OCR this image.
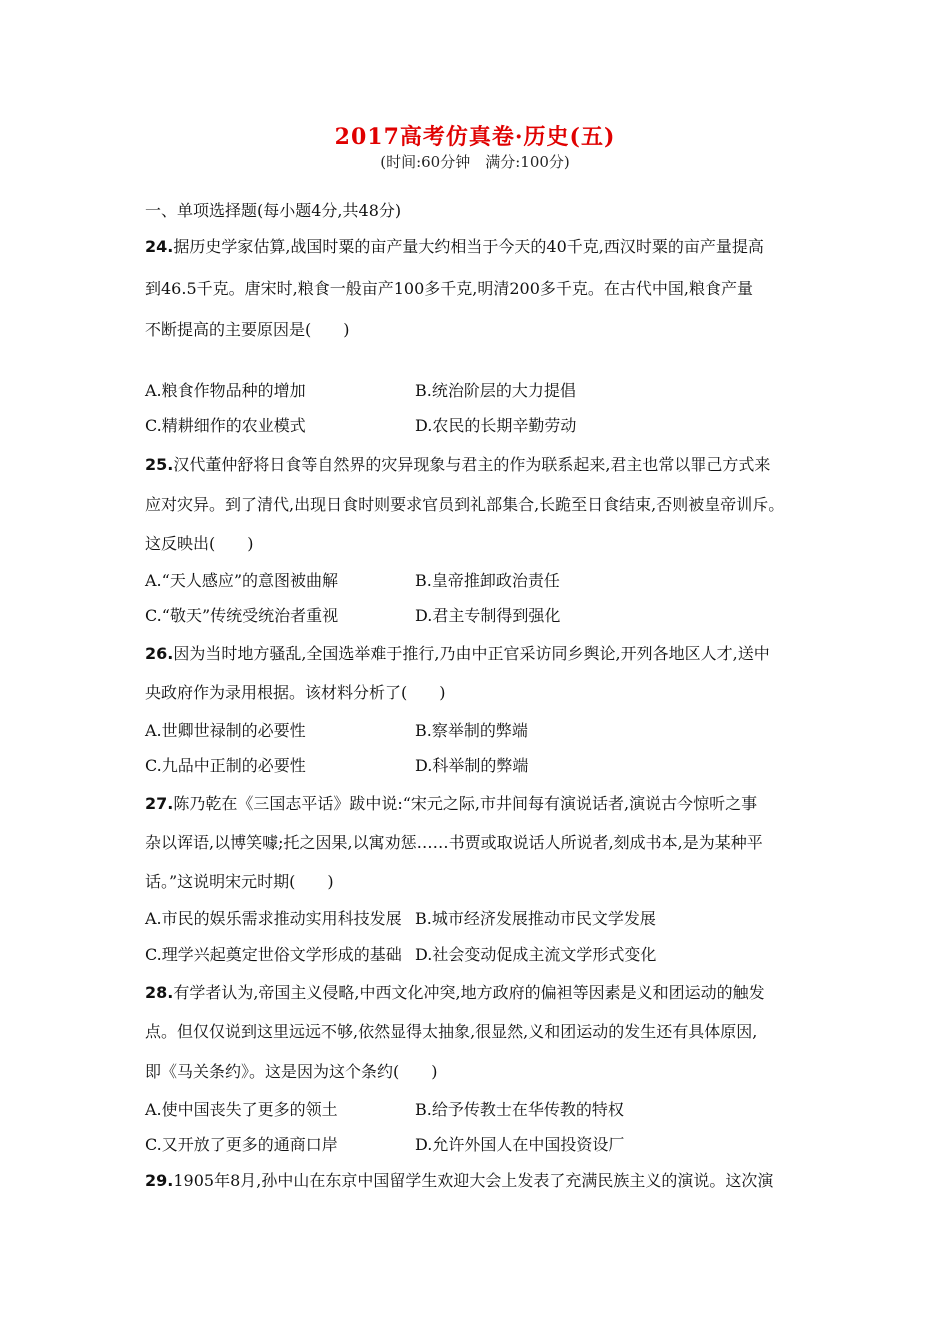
2017高考仿真卷·历史(五)
(时间:60分钟　满分:100分)
一、单项选择题(每小题4分,共48分)
24.据历史学家估算,战国时粟的亩产量大约相当于今天的40千克,西汉时粟的亩产量提高
到46.5千克。唐宋时,粮食一般亩产100多千克,明清200多千克。在古代中国,粮食产量
不断提高的主要原因是(　　)
A.粮食作物品种的增加	B.统治阶层的大力提倡
C.精耕细作的农业模式	D.农民的长期辛勤劳动
25.汉代董仲舒将日食等自然界的灾异现象与君主的作为联系起来,君主也常以罪己方式来
应对灾异。到了清代,出现日食时则要求官员到礼部集合,长跪至日食结束,否则被皇帝训斥。
这反映出(　　)
A.“天人感应”的意图被曲解	B.皇帝推卸政治责任
C.“敬天”传统受统治者重视	D.君主专制得到强化
26.因为当时地方骚乱,全国选举难于推行,乃由中正官采访同乡舆论,开列各地区人才,送中
央政府作为录用根据。该材料分析了(　　)
A.世卿世禄制的必要性	B.察举制的弊端
C.九品中正制的必要性	D.科举制的弊端
27.陈乃乾在《三国志平话》跋中说:“宋元之际,市井间每有演说话者,演说古今惊听之事
杂以诨语,以博笑噱;托之因果,以寓劝惩……书贾或取说话人所说者,刻成书本,是为某种平
话。”这说明宋元时期(　　)
A.市民的娱乐需求推动实用科技发展 B.城市经济发展推动市民文学发展
C.理学兴起奠定世俗文学形成的基础 D.社会变动促成主流文学形式变化
28.有学者认为,帝国主义侵略,中西文化冲突,地方政府的偏袒等因素是义和团运动的触发
点。但仅仅说到这里远远不够,依然显得太抽象,很显然,义和团运动的发生还有具体原因,
即《马关条约》。这是因为这个条约(　　)
A.使中国丧失了更多的领土	B.给予传教士在华传教的特权
C.又开放了更多的通商口岸	D.允许外国人在中国投资设厂
29.1905年8月,孙中山在东京中国留学生欢迎大会上发表了充满民族主义的演说。这次演
